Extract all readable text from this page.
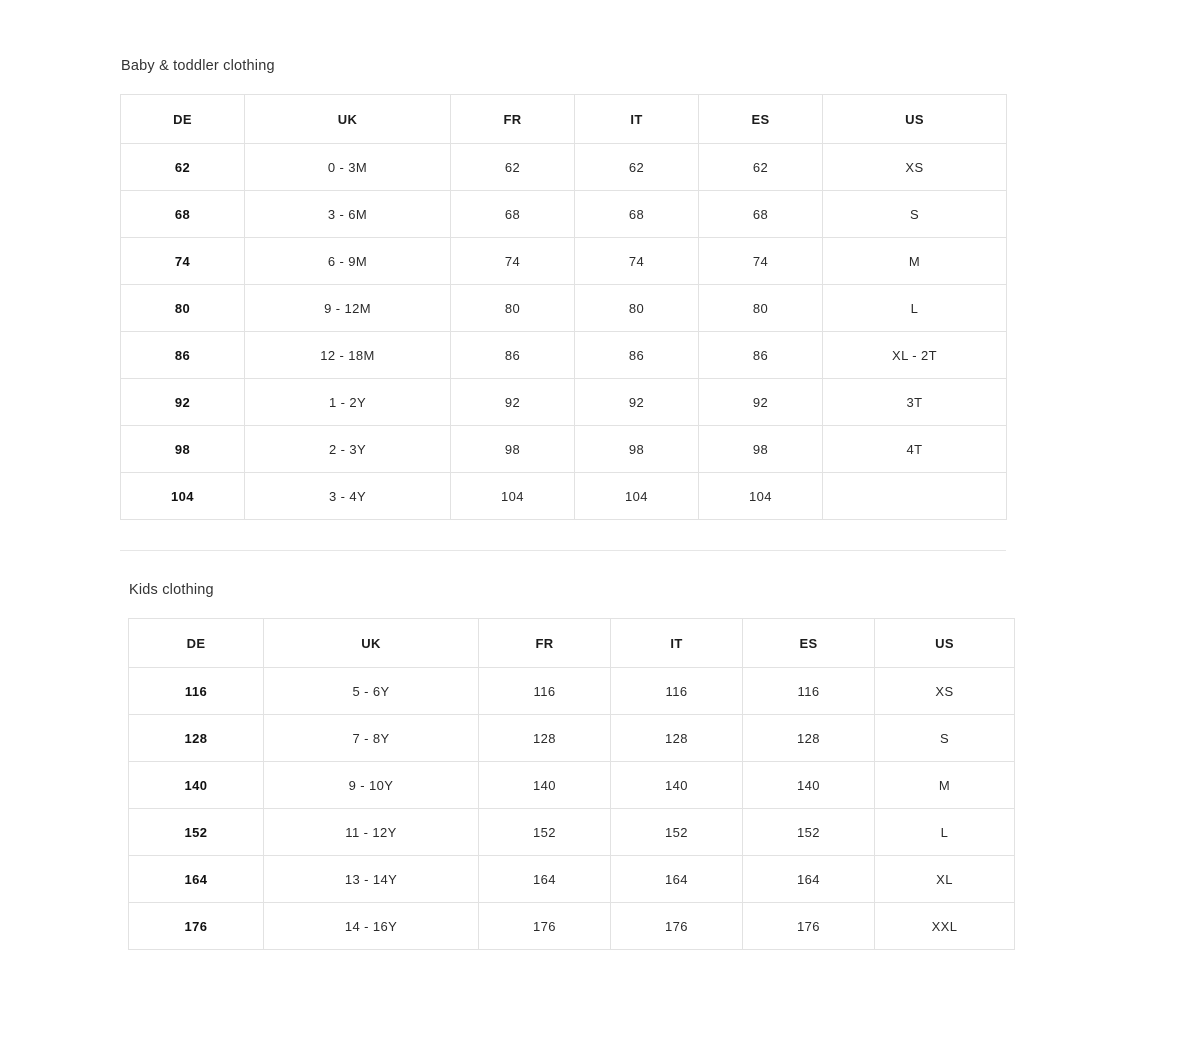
Baby & toddler clothing
DE	UK	FR	IT	ES	US
62	0 - 3M	62	62	62	XS
68	3 - 6M	68	68	68	S
74	6 - 9M	74	74	74	M
80	9 - 12M	80	80	80	L
86	12 - 18M	86	86	86	XL - 2T
92	1 - 2Y	92	92	92	3T
98	2 - 3Y	98	98	98	4T
104	3 - 4Y	104	104	104	
Kids clothing
DE	UK	FR	IT	ES	US
116	5 - 6Y	116	116	116	XS
128	7 - 8Y	128	128	128	S
140	9 - 10Y	140	140	140	M
152	11 - 12Y	152	152	152	L
164	13 - 14Y	164	164	164	XL
176	14 - 16Y	176	176	176	XXL
